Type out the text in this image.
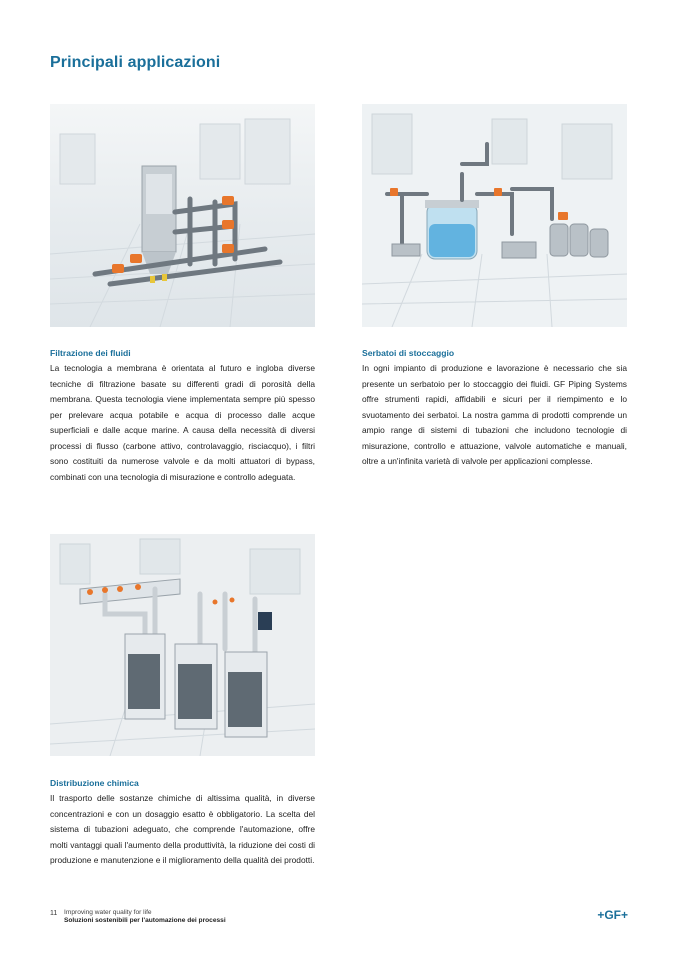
Principali applicazioni
Filtrazione dei fluidi

La tecnologia a membrana è orientata al futuro e ingloba diverse tecniche di filtrazione basate su differenti gradi di porosità della membrana. Questa tecnologia viene implementata sempre più spesso per prelevare acqua potabile e acqua di processo dalle acque superficiali e dalle acque marine. A causa della necessità di diversi processi di flusso (carbone attivo, controlavaggio, risciacquo), i filtri sono costituiti da numerose valvole e da molti attuatori di bypass, combinati con una tecnologia di misurazione e controllo adeguata.

Serbatoi di stoccaggio

In ogni impianto di produzione e lavorazione è necessario che sia presente un serbatoio per lo stoccaggio dei fluidi. GF Piping Systems offre strumenti rapidi, affidabili e sicuri per il riempimento e lo svuotamento dei serbatoi. La nostra gamma di prodotti comprende un ampio range di sistemi di tubazioni che includono tecnologie di misurazione, controllo e attuazione, valvole automatiche e manuali, oltre a un'infinita varietà di valvole per applicazioni complesse.

Distribuzione chimica

Il trasporto delle sostanze chimiche di altissima qualità, in diverse concentrazioni e con un dosaggio esatto è obbligatorio. La scelta del sistema di tubazioni adeguato, che comprende l'automazione, offre molti vantaggi quali l'aumento della produttività, la riduzione dei costi di produzione e manutenzione e il miglioramento della qualità dei prodotti.

11 Improving water quality for life
Soluzioni sostenibili per l'automazione dei processi	+GF+
